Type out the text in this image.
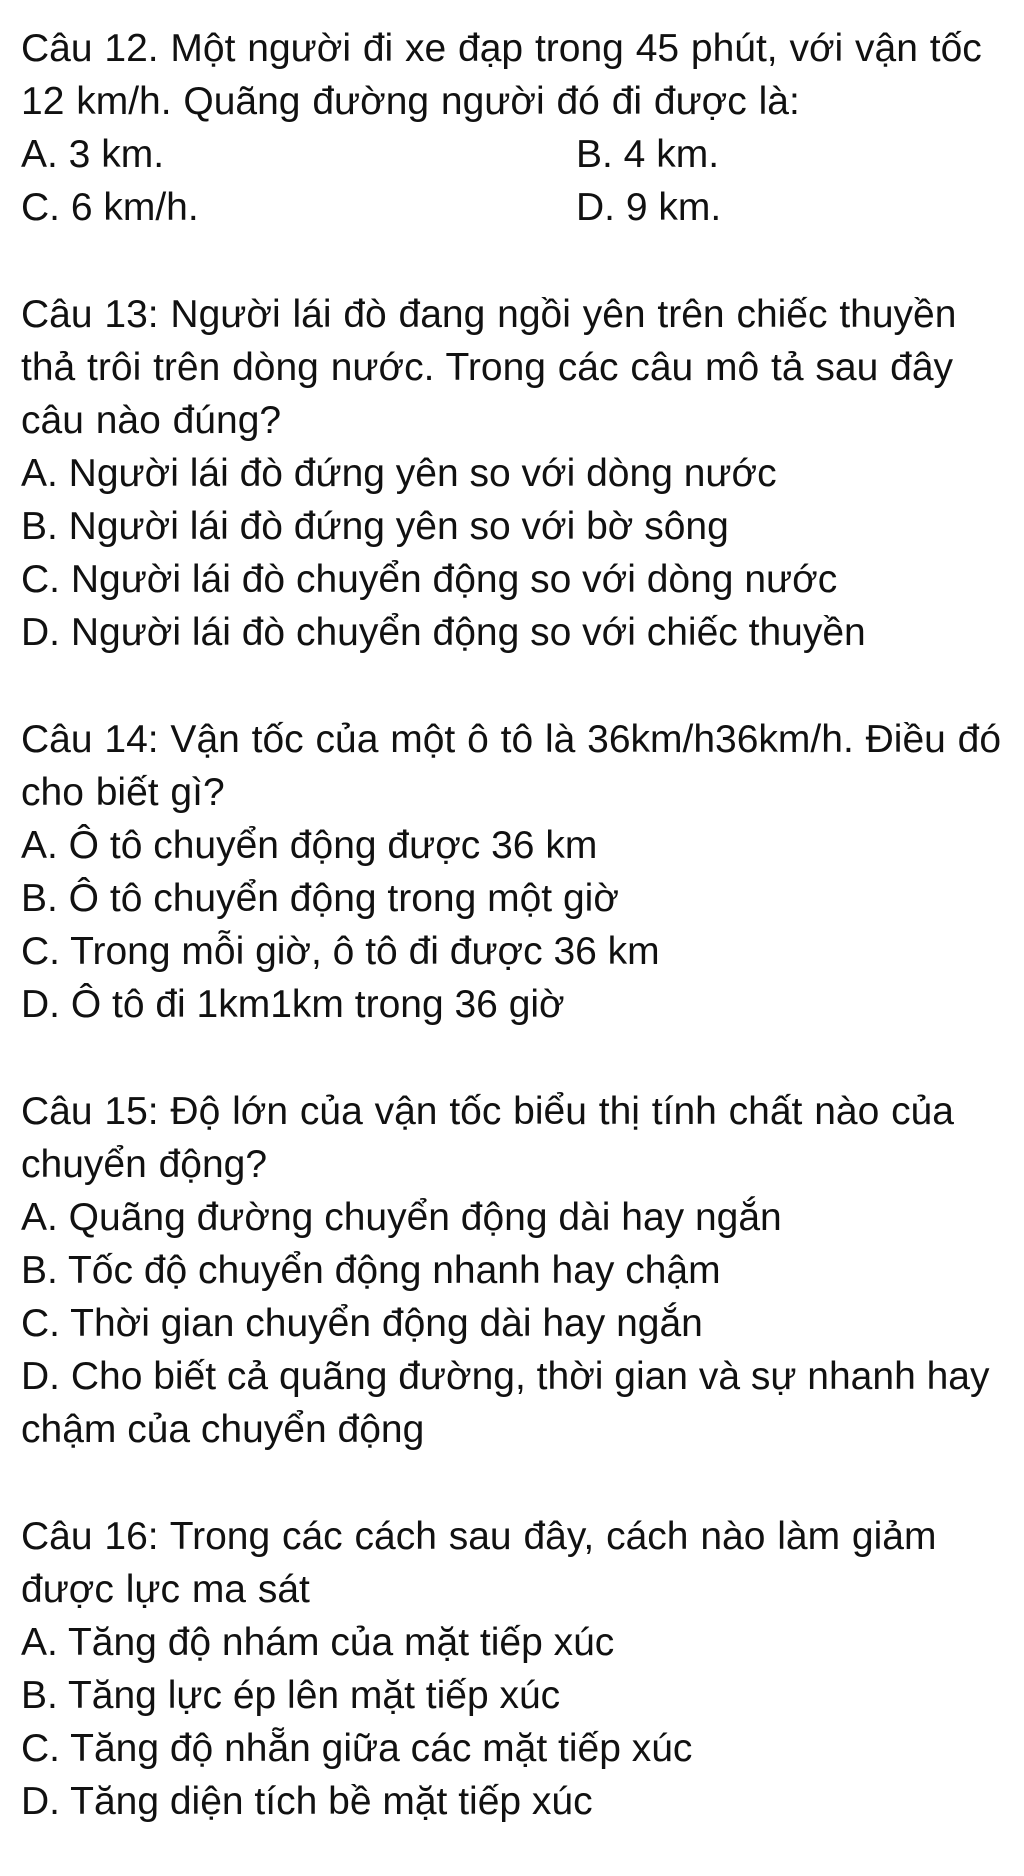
Câu 12. Một người đi xe đạp trong 45 phút, với vận tốc 12 km/h. Quãng đường người đó đi được là:

A. 3 km.	B. 4 km.

C. 6 km/h.	D. 9 km.

Câu 13: Người lái đò đang ngồi yên trên chiếc thuyền thả trôi trên dòng nước. Trong các câu mô tả sau đây câu nào đúng?

A. Người lái đò đứng yên so với dòng nước

B. Người lái đò đứng yên so với bờ sông

C. Người lái đò chuyển động so với dòng nước

D. Người lái đò chuyển động so với chiếc thuyền

Câu 14: Vận tốc của một ô tô là 36km/h36km/h. Điều đó cho biết gì?

A. Ô tô chuyển động được 36 km

B. Ô tô chuyển động trong một giờ

C. Trong mỗi giờ, ô tô đi được 36 km

D. Ô tô đi 1km1km trong 36 giờ

Câu 15: Độ lớn của vận tốc biểu thị tính chất nào của chuyển động?

A. Quãng đường chuyển động dài hay ngắn

B. Tốc độ chuyển động nhanh hay chậm

C. Thời gian chuyển động dài hay ngắn

D. Cho biết cả quãng đường, thời gian và sự nhanh hay chậm của chuyển động

Câu 16: Trong các cách sau đây, cách nào làm giảm được lực ma sát

A. Tăng độ nhám của mặt tiếp xúc

B. Tăng lực ép lên mặt tiếp xúc

C. Tăng độ nhẵn giữa các mặt tiếp xúc

D. Tăng diện tích bề mặt tiếp xúc
